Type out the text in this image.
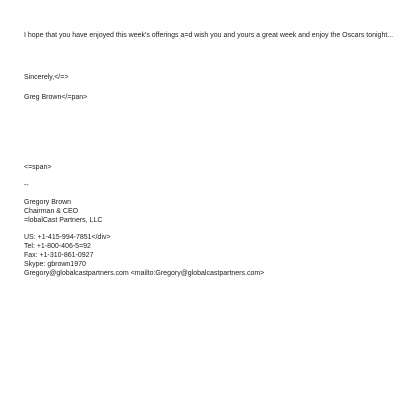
I hope that you have enjoyed this week's offerings a=d wish you and yours a great week and enjoy the Oscars tonight...
Sincerely,</=>
Greg Brown</=pan>
<=span>
--
Gregory Brown
Chairman & CEO
=lobalCast Partners, LLC
US: +1-415-994-7851</div>
Tel: +1-800-406-5=92
Fax: +1-310-861-0927
Skype: gbrown1970
Gregory@globalcastpartners.com <mailto:Gregory@globalcastpartners.com>
